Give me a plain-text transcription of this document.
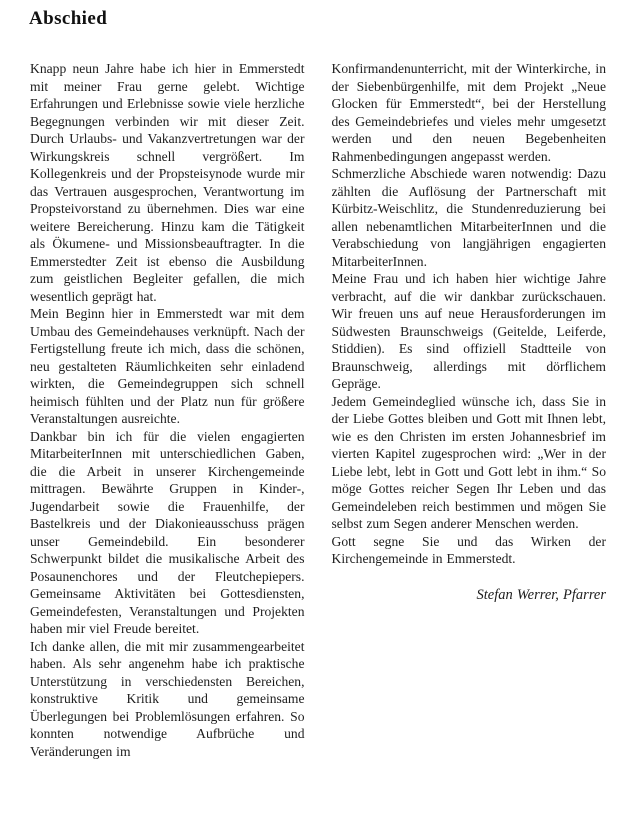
Abschied

Knapp neun Jahre habe ich hier in Emmerstedt mit meiner Frau gerne gelebt. Wichtige Erfahrungen und Erlebnisse sowie viele herzliche Begegnungen verbinden wir mit dieser Zeit. Durch Urlaubs- und Vakanzvertretungen war der Wirkungskreis schnell vergrößert. Im Kollegenkreis und der Propsteisynode wurde mir das Vertrauen ausgesprochen, Verantwortung im Propsteivorstand zu übernehmen. Dies war eine weitere Bereicherung. Hinzu kam die Tätigkeit als Ökumene- und Missionsbeauftragter. In die Emmerstedter Zeit ist ebenso die Ausbildung zum geistlichen Begleiter gefallen, die mich wesentlich geprägt hat.

Mein Beginn hier in Emmerstedt war mit dem Umbau des Gemeindehauses verknüpft. Nach der Fertigstellung freute ich mich, dass die schönen, neu gestalteten Räumlichkeiten sehr einladend wirkten, die Gemeindegruppen sich schnell heimisch fühlten und der Platz nun für größere Veranstaltungen ausreichte.

Dankbar bin ich für die vielen engagierten MitarbeiterInnen mit unterschiedlichen Gaben, die die Arbeit in unserer Kirchengemeinde mittragen. Bewährte Gruppen in Kinder-, Jugendarbeit sowie die Frauenhilfe, der Bastelkreis und der Diakonieausschuss prägen unser Gemeindebild. Ein besonderer Schwerpunkt bildet die musikalische Arbeit des Posaunenchores und der Fleutchepiepers. Gemeinsame Aktivitäten bei Gottesdiensten, Gemeindefesten, Veranstaltungen und Projekten haben mir viel Freude bereitet.

Ich danke allen, die mit mir zusammengearbeitet haben. Als sehr angenehm habe ich praktische Unterstützung in verschiedensten Bereichen, konstruktive Kritik und gemeinsame Überlegungen bei Problemlösungen erfahren. So konnten notwendige Aufbrüche und Veränderungen im

Konfirmandenunterricht, mit der Winterkirche, in der Siebenbürgenhilfe, mit dem Projekt „Neue Glocken für Emmerstedt“, bei der Herstellung des Gemeindebriefes und vieles mehr umgesetzt werden und den neuen Begebenheiten Rahmenbedingungen angepasst werden.

Schmerzliche Abschiede waren notwendig: Dazu zählten die Auflösung der Partnerschaft mit Kürbitz-Weischlitz, die Stundenreduzierung bei allen nebenamtlichen MitarbeiterInnen und die Verabschiedung von langjährigen engagierten MitarbeiterInnen.

Meine Frau und ich haben hier wichtige Jahre verbracht, auf die wir dankbar zurückschauen. Wir freuen uns auf neue Herausforderungen im Südwesten Braunschweigs (Geitelde, Leiferde, Stiddien). Es sind offiziell Stadtteile von Braunschweig, allerdings mit dörflichem Gepräge.

Jedem Gemeindeglied wünsche ich, dass Sie in der Liebe Gottes bleiben und Gott mit Ihnen lebt, wie es den Christen im ersten Johannesbrief im vierten Kapitel zugesprochen wird: „Wer in der Liebe lebt, lebt in Gott und Gott lebt in ihm.“ So möge Gottes reicher Segen Ihr Leben und das Gemeindeleben reich bestimmen und mögen Sie selbst zum Segen anderer Menschen werden.

Gott segne Sie und das Wirken der Kirchengemeinde in Emmerstedt.

Stefan Werrer, Pfarrer
